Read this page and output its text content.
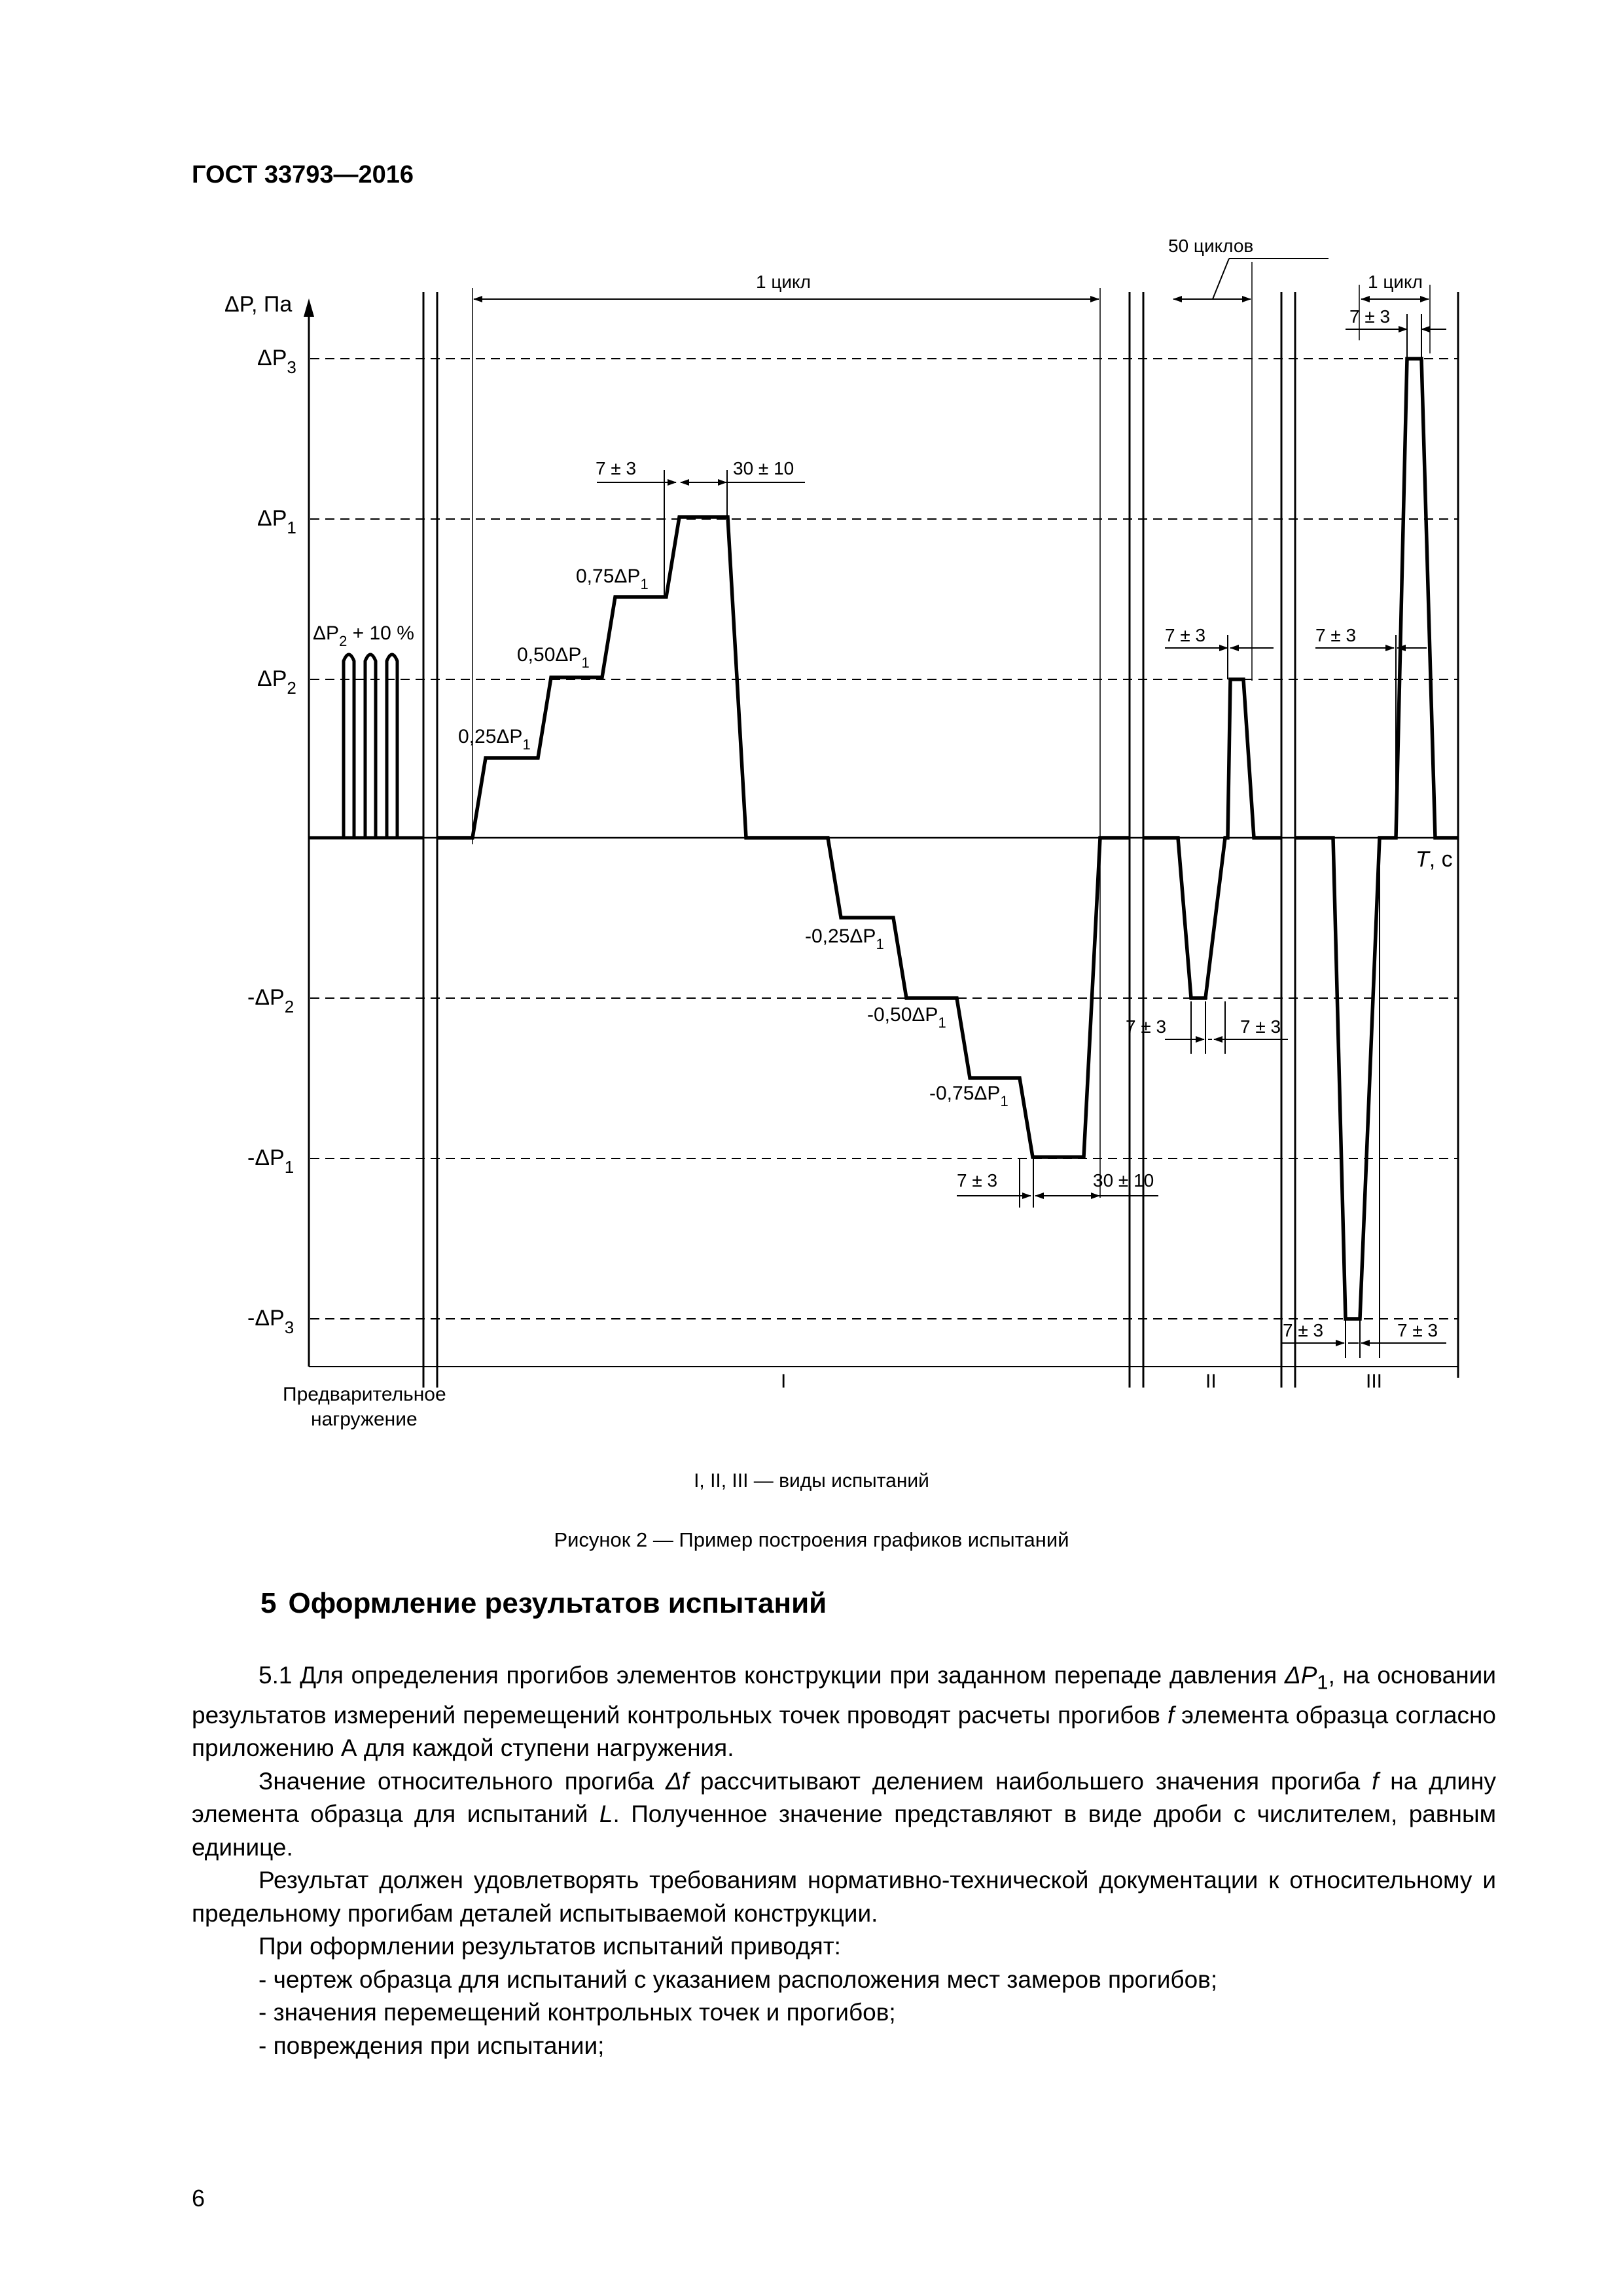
ГОСТ 33793—2016
ΔP, Па
T, с
$\Delta P_3$
$\Delta P_1$
$\Delta P_2$
$-\Delta P_2$
$-\Delta P_1$
$-\Delta P_3$
$0,25\Delta P_1$
$0,50\Delta P_1$
$0,75\Delta P_1$
$-0,25\Delta P_1$
$-0,50\Delta P_1$
$-0,75\Delta P_1$
$\Delta P_2 + 10$ %
1 цикл
7 ± 3	30 ± 10
7 ± 3	30 ± 10
50 циклов
7 ± 3
7 ± 3	7 ± 3
1 цикл
7 ± 3
7 ± 3
7 ± 3	7 ± 3
Предварительное
нагружение
I	II	III
I, II, III — виды испытаний
Рисунок 2 — Пример построения графиков испытаний
5 Оформление результатов испытаний

5.1 Для определения прогибов элементов конструкции при заданном перепаде давления $\Delta P_1$, на основании результатов измерений перемещений контрольных точек проводят расчеты прогибов f элемента образца согласно приложению А для каждой ступени нагружения.

Значение относительного прогиба Δf рассчитывают делением наибольшего значения прогиба f на длину элемента образца для испытаний L. Полученное значение представляют в виде дроби с числителем, равным единице.

Результат должен удовлетворять требованиям нормативно-технической документации к относительному и предельному прогибам деталей испытываемой конструкции.

При оформлении результатов испытаний приводят:

- чертеж образца для испытаний с указанием расположения мест замеров прогибов;

- значения перемещений контрольных точек и прогибов;

- повреждения при испытании;

6
